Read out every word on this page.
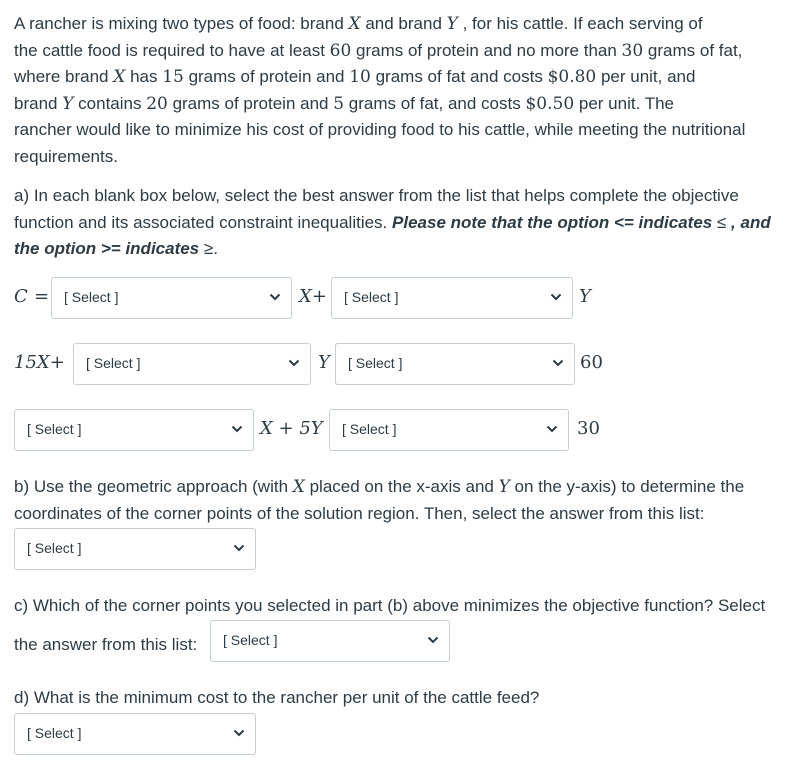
A rancher is mixing two types of food: brand X and brand Y , for his cattle. If each serving of

the cattle food is required to have at least 60 grams of protein and no more than 30 grams of fat,

where brand X has 15 grams of protein and 10 grams of fat and costs $0.80 per unit, and

brand Y contains 20 grams of protein and 5 grams of fat, and costs $0.50 per unit. The

rancher would like to minimize his cost of providing food to his cattle, while meeting the nutritional

requirements.

a) In each blank box below, select the best answer from the list that helps complete the objective

function and its associated constraint inequalities. Please note that the option <= indicates ≤ , and

the option >= indicates ≥.

C = [ Select ]	X+ [ Select ]	Y
15X+ [ Select ]	Y [ Select ]	60
[ Select ]	X + 5Y [ Select ]	30

b) Use the geometric approach (with X placed on the x-axis and Y on the y-axis) to determine the

coordinates of the corner points of the solution region. Then, select the answer from this list:

[ Select ]

c) Which of the corner points you selected in part (b) above minimizes the objective function? Select

the answer from this list: [ Select ]

d) What is the minimum cost to the rancher per unit of the cattle feed?

[ Select ]
